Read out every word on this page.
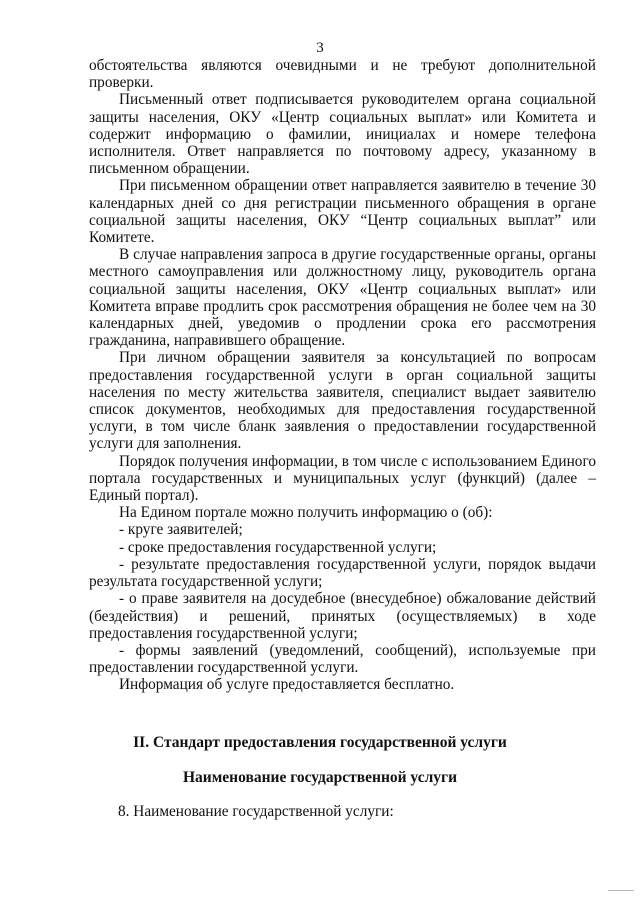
3

обстоятельства являются очевидными и не требуют дополнительной проверки.

Письменный ответ подписывается руководителем органа социальной защиты населения, ОКУ «Центр социальных выплат» или Комитета и содержит информацию о фамилии, инициалах и номере телефона исполнителя. Ответ направляется по почтовому адресу, указанному в письменном обращении.

При письменном обращении ответ направляется заявителю в течение 30 календарных дней со дня регистрации письменного обращения в органе социальной защиты населения, ОКУ “Центр социальных выплат” или Комитете.

В случае направления запроса в другие государственные органы, органы местного самоуправления или должностному лицу, руководитель органа социальной защиты населения, ОКУ «Центр социальных выплат» или Комитета вправе продлить срок рассмотрения обращения не более чем на 30 календарных дней, уведомив о продлении срока его рассмотрения гражданина, направившего обращение.

При личном обращении заявителя за консультацией по вопросам предоставления государственной услуги в орган социальной защиты населения по месту жительства заявителя, специалист выдает заявителю список документов, необходимых для предоставления государственной услуги, в том числе бланк заявления о предоставлении государственной услуги для заполнения.

Порядок получения информации, в том числе с использованием Единого портала государственных и муниципальных услуг (функций) (далее – Единый портал).

На Едином портале можно получить информацию о (об):

- круге заявителей;

- сроке предоставления государственной услуги;

- результате предоставления государственной услуги, порядок выдачи результата государственной услуги;

- о праве заявителя на досудебное (внесудебное) обжалование действий (бездействия) и решений, принятых (осуществляемых) в ходе предоставления государственной услуги;

- формы заявлений (уведомлений, сообщений), используемые при предоставлении государственной услуги.

Информация об услуге предоставляется бесплатно.

II. Стандарт предоставления государственной услуги
Наименование государственной услуги
8. Наименование государственной услуги:
